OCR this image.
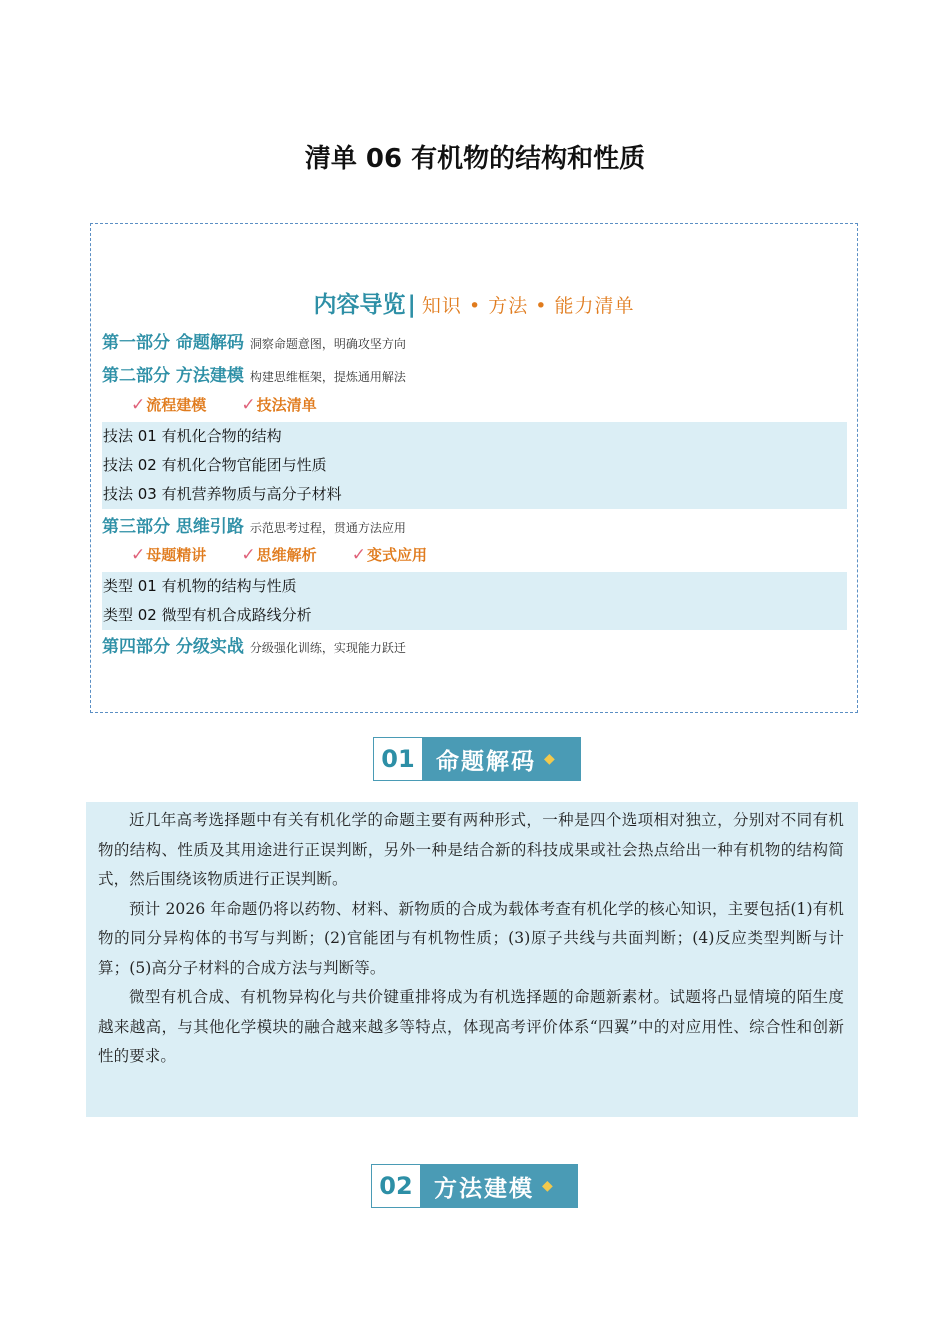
清单 06 有机物的结构和性质
内容导览| 知识 • 方法 • 能力清单
第一部分 命题解码 洞察命题意图，明确攻坚方向
第二部分 方法建模 构建思维框架，提炼通用解法
✓流程建模 ✓技法清单
技法 01 有机化合物的结构
技法 02 有机化合物官能团与性质
技法 03 有机营养物质与高分子材料
第三部分 思维引路 示范思考过程，贯通方法应用
✓母题精讲 ✓思维解析 ✓变式应用
类型 01 有机物的结构与性质
类型 02 微型有机合成路线分析
第四部分 分级实战 分级强化训练，实现能力跃迁
01 命题解码 ◆

近几年高考选择题中有关有机化学的命题主要有两种形式，一种是四个选项相对独立，分别对不同有机物的结构、性质及其用途进行正误判断，另外一种是结合新的科技成果或社会热点给出一种有机物的结构简式，然后围绕该物质进行正误判断。

预计 2026 年命题仍将以药物、材料、新物质的合成为载体考查有机化学的核心知识，主要包括(1)有机物的同分异构体的书写与判断；(2)官能团与有机物性质；(3)原子共线与共面判断；(4)反应类型判断与计算；(5)高分子材料的合成方法与判断等。

微型有机合成、有机物异构化与共价键重排将成为有机选择题的命题新素材。试题将凸显情境的陌生度越来越高，与其他化学模块的融合越来越多等特点，体现高考评价体系“四翼”中的对应用性、综合性和创新性的要求。

02 方法建模 ◆
